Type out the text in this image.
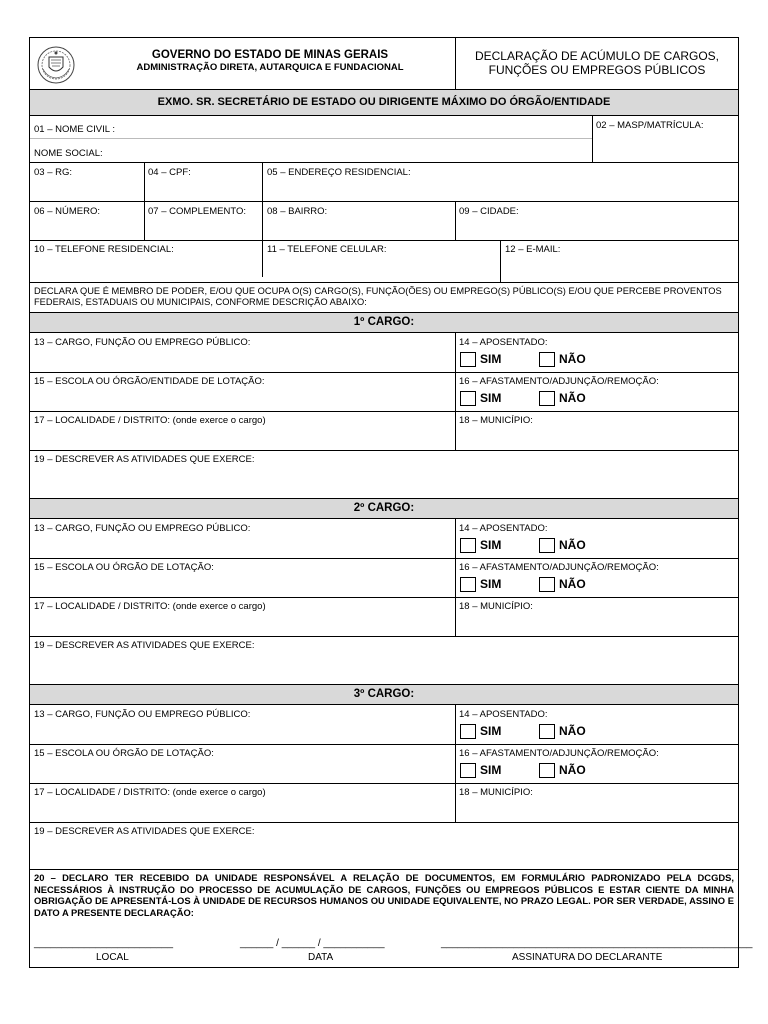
GOVERNO DO ESTADO DE MINAS GERAIS
ADMINISTRAÇÃO DIRETA, AUTARQUICA E FUNDACIONAL
DECLARAÇÃO DE ACÚMULO DE CARGOS,
FUNÇÕES OU EMPREGOS PÚBLICOS
EXMO. SR. SECRETÁRIO DE ESTADO OU DIRIGENTE MÁXIMO DO ÓRGÃO/ENTIDADE
01 – NOME CIVIL :	02 – MASP/MATRÍCULA:
NOME SOCIAL:
03 – RG:	04 – CPF:	05 – ENDEREÇO RESIDENCIAL:
06 – NÚMERO:	07 – COMPLEMENTO: 08 – BAIRRO:	09 – CIDADE:
10 – TELEFONE RESIDENCIAL:	11 – TELEFONE CELULAR:	12 – E-MAIL:
DECLARA QUE É MEMBRO DE PODER, E/OU QUE OCUPA O(S) CARGO(S), FUNÇÃO(ÕES) OU EMPREGO(S) PÚBLICO(S) E/OU QUE PERCEBE PROVENTOS FEDERAIS, ESTADUAIS OU MUNICIPAIS, CONFORME DESCRIÇÃO ABAIXO:
1º CARGO:
13 – CARGO, FUNÇÃO OU EMPREGO PÚBLICO:	14 – APOSENTADO:
SIM	NÃO
15 – ESCOLA OU ÓRGÃO/ENTIDADE DE LOTAÇÃO:	16 – AFASTAMENTO/ADJUNÇÃO/REMOÇÃO:
SIM	NÃO
17 – LOCALIDADE / DISTRITO: (onde exerce o cargo)	18 – MUNICÍPIO:
19 – DESCREVER AS ATIVIDADES QUE EXERCE:
2º CARGO:
13 – CARGO, FUNÇÃO OU EMPREGO PÚBLICO:	14 – APOSENTADO:
SIM	NÃO
15 – ESCOLA OU ÓRGÃO DE LOTAÇÃO:	16 – AFASTAMENTO/ADJUNÇÃO/REMOÇÃO:
SIM	NÃO
17 – LOCALIDADE / DISTRITO: (onde exerce o cargo)	18 – MUNICÍPIO:
19 – DESCREVER AS ATIVIDADES QUE EXERCE:
3º CARGO:
13 – CARGO, FUNÇÃO OU EMPREGO PÚBLICO:	14 – APOSENTADO:
SIM	NÃO
15 – ESCOLA OU ÓRGÃO DE LOTAÇÃO:	16 – AFASTAMENTO/ADJUNÇÃO/REMOÇÃO:
SIM	NÃO
17 – LOCALIDADE / DISTRITO: (onde exerce o cargo)	18 – MUNICÍPIO:
19 – DESCREVER AS ATIVIDADES QUE EXERCE:
20 – DECLARO TER RECEBIDO DA UNIDADE RESPONSÁVEL A RELAÇÃO DE DOCUMENTOS, EM FORMULÁRIO PADRONIZADO PELA DCGDS, NECESSÁRIOS À INSTRUÇÃO DO PROCESSO DE ACUMULAÇÃO DE CARGOS, FUNÇÕES OU EMPREGOS PÚBLICOS E ESTAR CIENTE DA MINHA OBRIGAÇÃO DE APRESENTÁ-LOS À UNIDADE DE RECURSOS HUMANOS OU UNIDADE EQUIVALENTE, NO PRAZO LEGAL. POR SER VERDADE, ASSINO E DATO A PRESENTE DECLARAÇÃO:
_________________________	______ / ______ / ___________	________________________________________________________
LOCAL	DATA	ASSINATURA DO DECLARANTE
